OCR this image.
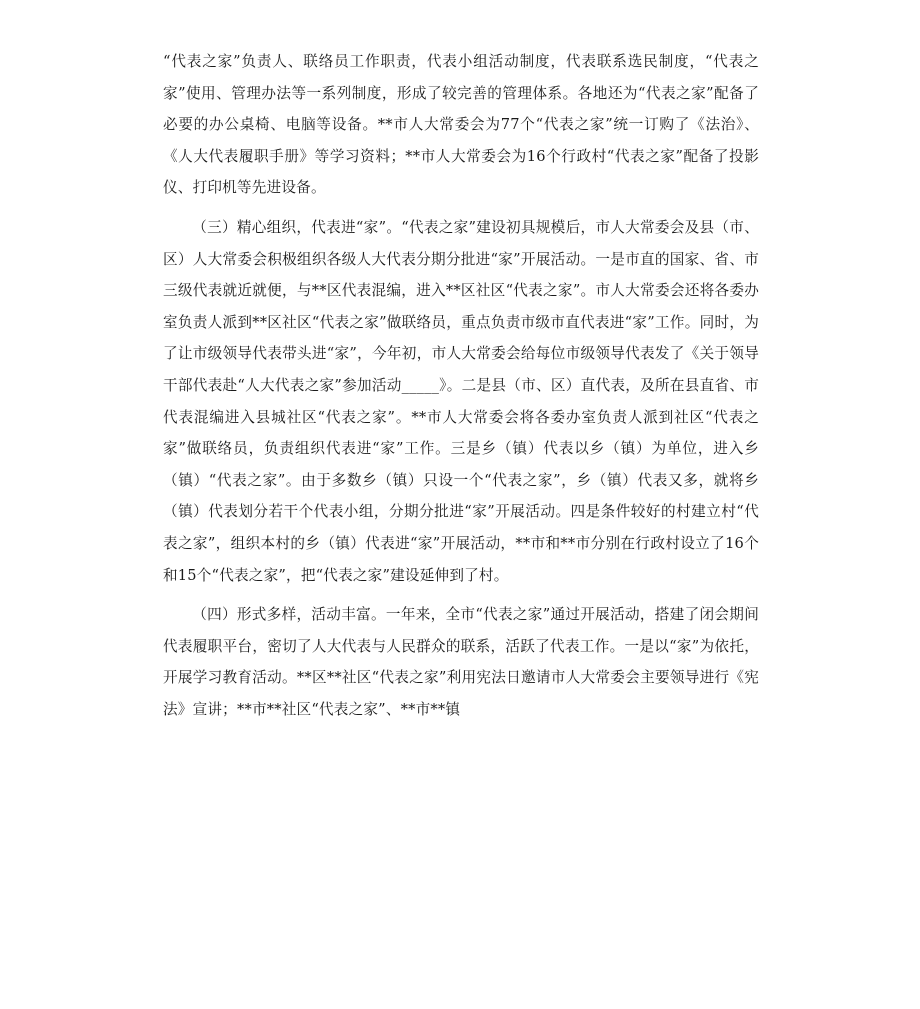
“代表之家”负责人、联络员工作职责，代表小组活动制度，代表联系选民制度，“代表之家”使用、管理办法等一系列制度，形成了较完善的管理体系。各地还为“代表之家”配备了必要的办公桌椅、电脑等设备。**市人大常委会为77个“代表之家”统一订购了《法治》、《人大代表履职手册》等学习资料；**市人大常委会为16个行政村“代表之家”配备了投影仪、打印机等先进设备。

（三）精心组织，代表进“家”。“代表之家”建设初具规模后，市人大常委会及县（市、区）人大常委会积极组织各级人大代表分期分批进“家”开展活动。一是市直的国家、省、市三级代表就近就便，与**区代表混编，进入**区社区“代表之家”。市人大常委会还将各委办室负责人派到**区社区“代表之家”做联络员，重点负责市级市直代表进“家”工作。同时，为了让市级领导代表带头进“家”，今年初，市人大常委会给每位市级领导代表发了《关于领导干部代表赴“人大代表之家”参加活动_____》。二是县（市、区）直代表，及所在县直省、市代表混编进入县城社区“代表之家”。**市人大常委会将各委办室负责人派到社区“代表之家”做联络员，负责组织代表进“家”工作。三是乡（镇）代表以乡（镇）为单位，进入乡（镇）“代表之家”。由于多数乡（镇）只设一个“代表之家”，乡（镇）代表又多，就将乡（镇）代表划分若干个代表小组，分期分批进“家”开展活动。四是条件较好的村建立村“代表之家”，组织本村的乡（镇）代表进“家”开展活动，**市和**市分别在行政村设立了16个和15个“代表之家”，把“代表之家”建设延伸到了村。

（四）形式多样，活动丰富。一年来，全市“代表之家”通过开展活动，搭建了闭会期间代表履职平台，密切了人大代表与人民群众的联系，活跃了代表工作。一是以“家”为依托，开展学习教育活动。**区**社区“代表之家”利用宪法日邀请市人大常委会主要领导进行《宪法》宣讲；**市**社区“代表之家”、**市**镇
